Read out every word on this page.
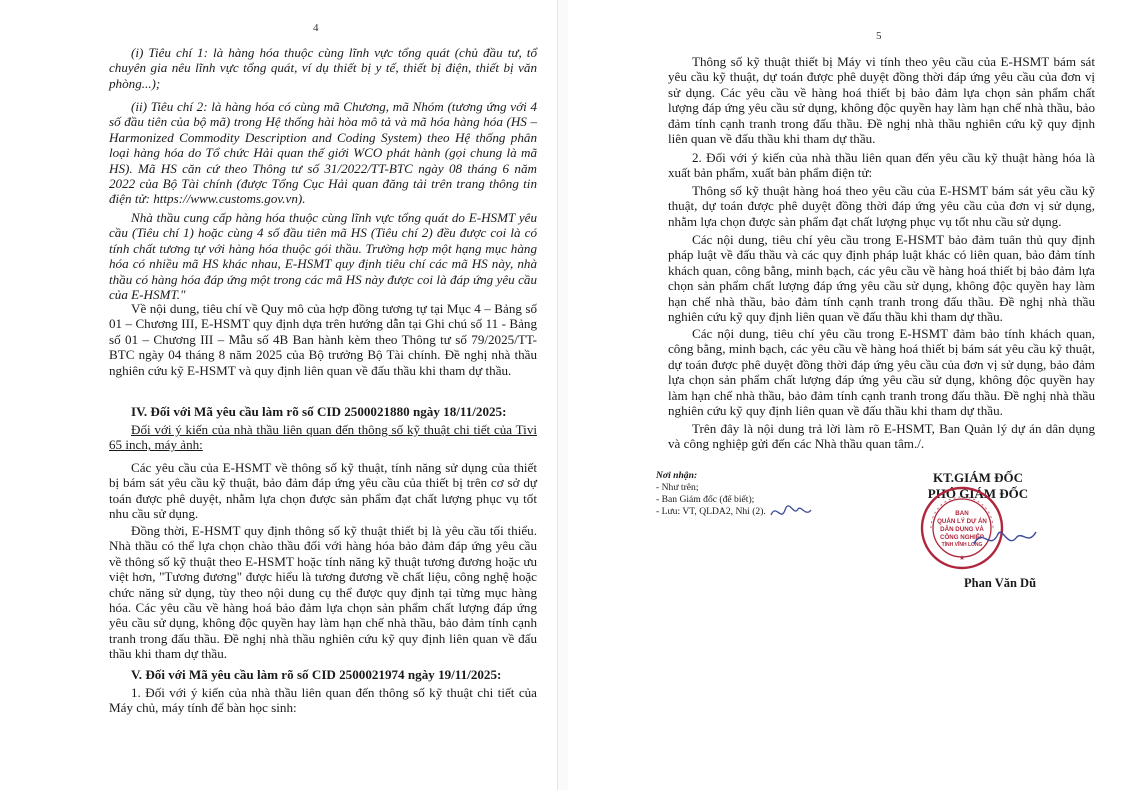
4

(i) Tiêu chí 1: là hàng hóa thuộc cùng lĩnh vực tổng quát (chủ đầu tư, tổ chuyên gia nêu lĩnh vực tổng quát, ví dụ thiết bị y tế, thiết bị điện, thiết bị văn phòng...);

(ii) Tiêu chí 2: là hàng hóa có cùng mã Chương, mã Nhóm (tương ứng với 4 số đầu tiên của bộ mã) trong Hệ thống hài hòa mô tả và mã hóa hàng hóa (HS – Harmonized Commodity Description and Coding System) theo Hệ thống phân loại hàng hóa do Tổ chức Hải quan thế giới WCO phát hành (gọi chung là mã HS). Mã HS căn cứ theo Thông tư số 31/2022/TT-BTC ngày 08 tháng 6 năm 2022 của Bộ Tài chính (được Tổng Cục Hải quan đăng tải trên trang thông tin điện tử: https://www.customs.gov.vn).

Nhà thầu cung cấp hàng hóa thuộc cùng lĩnh vực tổng quát do E-HSMT yêu cầu (Tiêu chí 1) hoặc cùng 4 số đầu tiên mã HS (Tiêu chí 2) đều được coi là có tính chất tương tự với hàng hóa thuộc gói thầu. Trường hợp một hạng mục hàng hóa có nhiều mã HS khác nhau, E-HSMT quy định tiêu chí các mã HS này, nhà thầu có hàng hóa đáp ứng một trong các mã HS này được coi là đáp ứng yêu cầu của E-HSMT."

Về nội dung, tiêu chí về Quy mô của hợp đồng tương tự tại Mục 4 – Bảng số 01 – Chương III, E-HSMT quy định dựa trên hướng dẫn tại Ghi chú số 11 - Bảng số 01 – Chương III – Mẫu số 4B Ban hành kèm theo Thông tư số 79/2025/TT-BTC ngày 04 tháng 8 năm 2025 của Bộ trưởng Bộ Tài chính. Đề nghị nhà thầu nghiên cứu kỹ E-HSMT và quy định liên quan về đấu thầu khi tham dự thầu.

IV. Đối với Mã yêu cầu làm rõ số CID 2500021880 ngày 18/11/2025:

Đối với ý kiến của nhà thầu liên quan đến thông số kỹ thuật chi tiết của Tivi 65 inch, máy ảnh:

Các yêu cầu của E-HSMT về thông số kỹ thuật, tính năng sử dụng của thiết bị bám sát yêu cầu kỹ thuật, bảo đảm đáp ứng yêu cầu của thiết bị trên cơ sở dự toán được phê duyệt, nhằm lựa chọn được sản phẩm đạt chất lượng phục vụ tốt nhu cầu sử dụng.

Đồng thời, E-HSMT quy định thông số kỹ thuật thiết bị là yêu cầu tối thiểu. Nhà thầu có thể lựa chọn chào thầu đối với hàng hóa bảo đảm đáp ứng yêu cầu về thông số kỹ thuật theo E-HSMT hoặc tính năng kỹ thuật tương đương hoặc ưu việt hơn, "Tương đương" được hiểu là tương đương về chất liệu, công nghệ hoặc chức năng sử dụng, tùy theo nội dung cụ thể được quy định tại từng mục hàng hóa. Các yêu cầu về hàng hoá bảo đảm lựa chọn sản phẩm chất lượng đáp ứng yêu cầu sử dụng, không độc quyền hay làm hạn chế nhà thầu, bảo đảm tính cạnh tranh trong đấu thầu. Đề nghị nhà thầu nghiên cứu kỹ quy định liên quan về đấu thầu khi tham dự thầu.

V. Đối với Mã yêu cầu làm rõ số CID 2500021974 ngày 19/11/2025:

1. Đối với ý kiến của nhà thầu liên quan đến thông số kỹ thuật chi tiết của Máy chủ, máy tính để bàn học sinh:

5

Thông số kỹ thuật thiết bị Máy vi tính theo yêu cầu của E-HSMT bám sát yêu cầu kỹ thuật, dự toán được phê duyệt đồng thời đáp ứng yêu cầu của đơn vị sử dụng. Các yêu cầu về hàng hoá thiết bị bảo đảm lựa chọn sản phẩm chất lượng đáp ứng yêu cầu sử dụng, không độc quyền hay làm hạn chế nhà thầu, bảo đảm tính cạnh tranh trong đấu thầu. Đề nghị nhà thầu nghiên cứu kỹ quy định liên quan về đấu thầu khi tham dự thầu.

2. Đối với ý kiến của nhà thầu liên quan đến yêu cầu kỹ thuật hàng hóa là xuất bản phẩm, xuất bản phẩm điện tử:

Thông số kỹ thuật hàng hoá theo yêu cầu của E-HSMT bám sát yêu cầu kỹ thuật, dự toán được phê duyệt đồng thời đáp ứng yêu cầu của đơn vị sử dụng, nhằm lựa chọn được sản phẩm đạt chất lượng phục vụ tốt nhu cầu sử dụng.

Các nội dung, tiêu chí yêu cầu trong E-HSMT bảo đảm tuân thủ quy định pháp luật về đấu thầu và các quy định pháp luật khác có liên quan, bảo đảm tính khách quan, công bằng, minh bạch, các yêu cầu về hàng hoá thiết bị bảo đảm lựa chọn sản phẩm chất lượng đáp ứng yêu cầu sử dụng, không độc quyền hay làm hạn chế nhà thầu, bảo đảm tính cạnh tranh trong đấu thầu. Đề nghị nhà thầu nghiên cứu kỹ quy định liên quan về đấu thầu khi tham dự thầu.

Các nội dung, tiêu chí yêu cầu trong E-HSMT đảm bảo tính khách quan, công bằng, minh bạch, các yêu cầu về hàng hoá thiết bị bám sát yêu cầu kỹ thuật, dự toán được phê duyệt đồng thời đáp ứng yêu cầu của đơn vị sử dụng, bảo đảm lựa chọn sản phẩm chất lượng đáp ứng yêu cầu sử dụng, không độc quyền hay làm hạn chế nhà thầu, bảo đảm tính cạnh tranh trong đấu thầu. Đề nghị nhà thầu nghiên cứu kỹ quy định liên quan về đấu thầu khi tham dự thầu.

Trên đây là nội dung trả lời làm rõ E-HSMT, Ban Quản lý dự án dân dụng và công nghiệp gửi đến các Nhà thầu quan tâm./.

Nơi nhận:
- Như trên;
- Ban Giám đốc (để biết);
- Lưu: VT, QLDA2, Nhi (2).
KT.GIÁM ĐỐC
PHÓ GIÁM ĐỐC
BAN
QUẢN LÝ DỰ ÁN
DÂN DỤNG VÀ
CÔNG NGHIỆP
TỈNH VĨNH LONG
★
Phan Văn Dũ
